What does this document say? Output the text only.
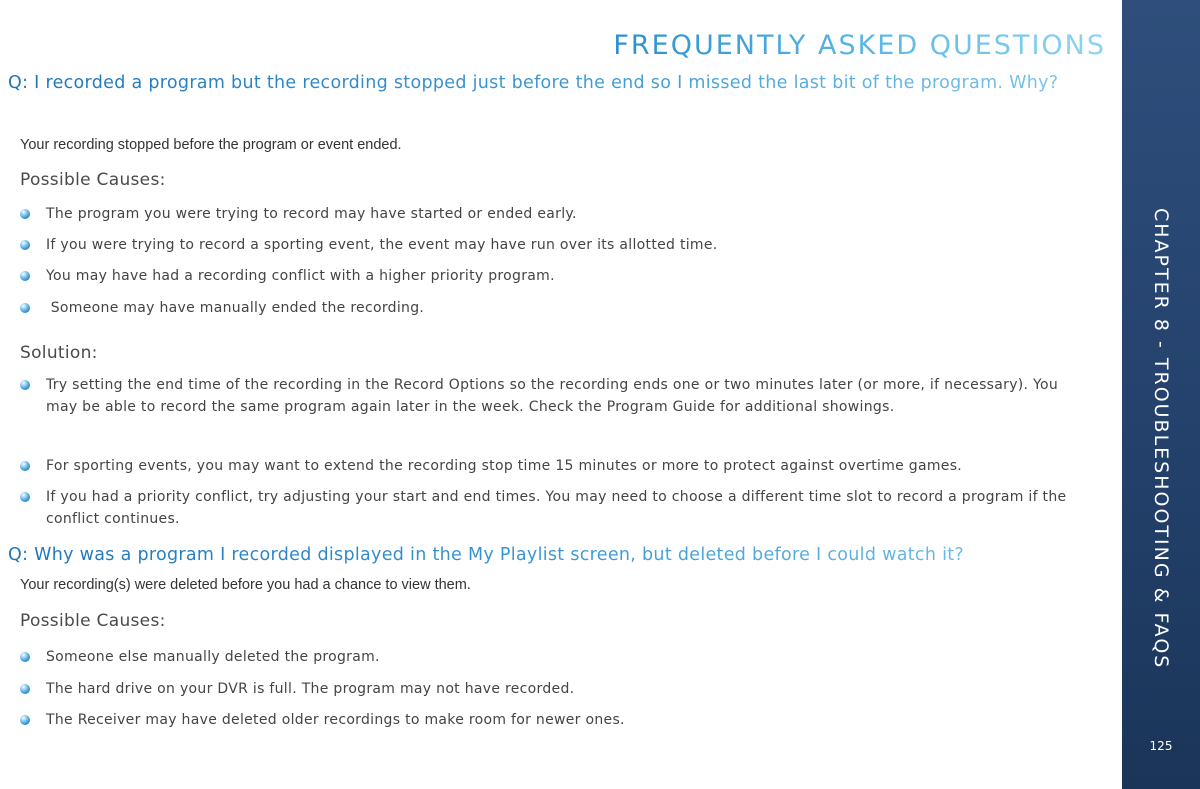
FREQUENTLY ASKED QUESTIONS
CHAPTER 8 - TROUBLESHOOTING & FAQS
125
Q: I recorded a program but the recording stopped just before the end so I missed the last bit of the program. Why?
Your recording stopped before the program or event ended.
Possible Causes:
The program you were trying to record may have started or ended early.
If you were trying to record a sporting event, the event may have run over its allotted time.
You may have had a recording conflict with a higher priority program.
Someone may have manually ended the recording.
Solution:
Try setting the end time of the recording in the Record Options so the recording ends one or two minutes later (or more, if necessary). You may be able to record the same program again later in the week. Check the Program Guide for additional showings.
For sporting events, you may want to extend the recording stop time 15 minutes or more to protect against overtime games.
If you had a priority conflict, try adjusting your start and end times. You may need to choose a different time slot to record a program if the conflict continues.
Q: Why was a program I recorded displayed in the My Playlist screen, but deleted before I could watch it?
Your recording(s) were deleted before you had a chance to view them.
Possible Causes:
Someone else manually deleted the program.
The hard drive on your DVR is full. The program may not have recorded.
The Receiver may have deleted older recordings to make room for newer ones.
